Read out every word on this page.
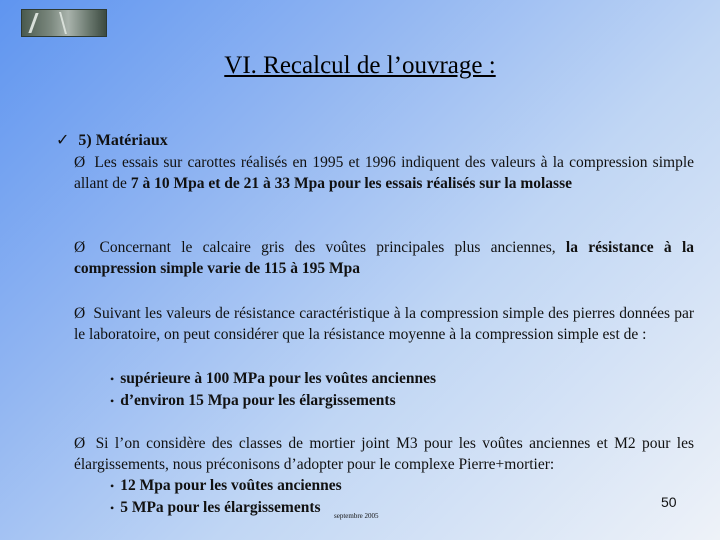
VI. Recalcul de l’ouvrage :
✓ 5) Matériaux
Ø Les essais sur carottes réalisés en 1995 et 1996 indiquent des valeurs à la compression simple allant de 7 à 10 Mpa et de 21 à 33 Mpa pour les essais réalisés sur la molasse
Ø Concernant le calcaire gris des voûtes principales plus anciennes, la résistance à la compression simple varie de 115 à 195 Mpa
Ø Suivant les valeurs de résistance caractéristique à la compression simple des pierres données par le laboratoire, on peut considérer que la résistance moyenne à la compression simple est de :
• supérieure à 100 MPa pour les voûtes anciennes
• d’environ 15 Mpa pour les élargissements
Ø Si l’on considère des classes de mortier joint M3 pour les voûtes anciennes et M2 pour les élargissements, nous préconisons d’adopter pour le complexe Pierre+mortier:
• 12 Mpa pour les voûtes anciennes
• 5 MPa pour les élargissements	50
septembre 2005
